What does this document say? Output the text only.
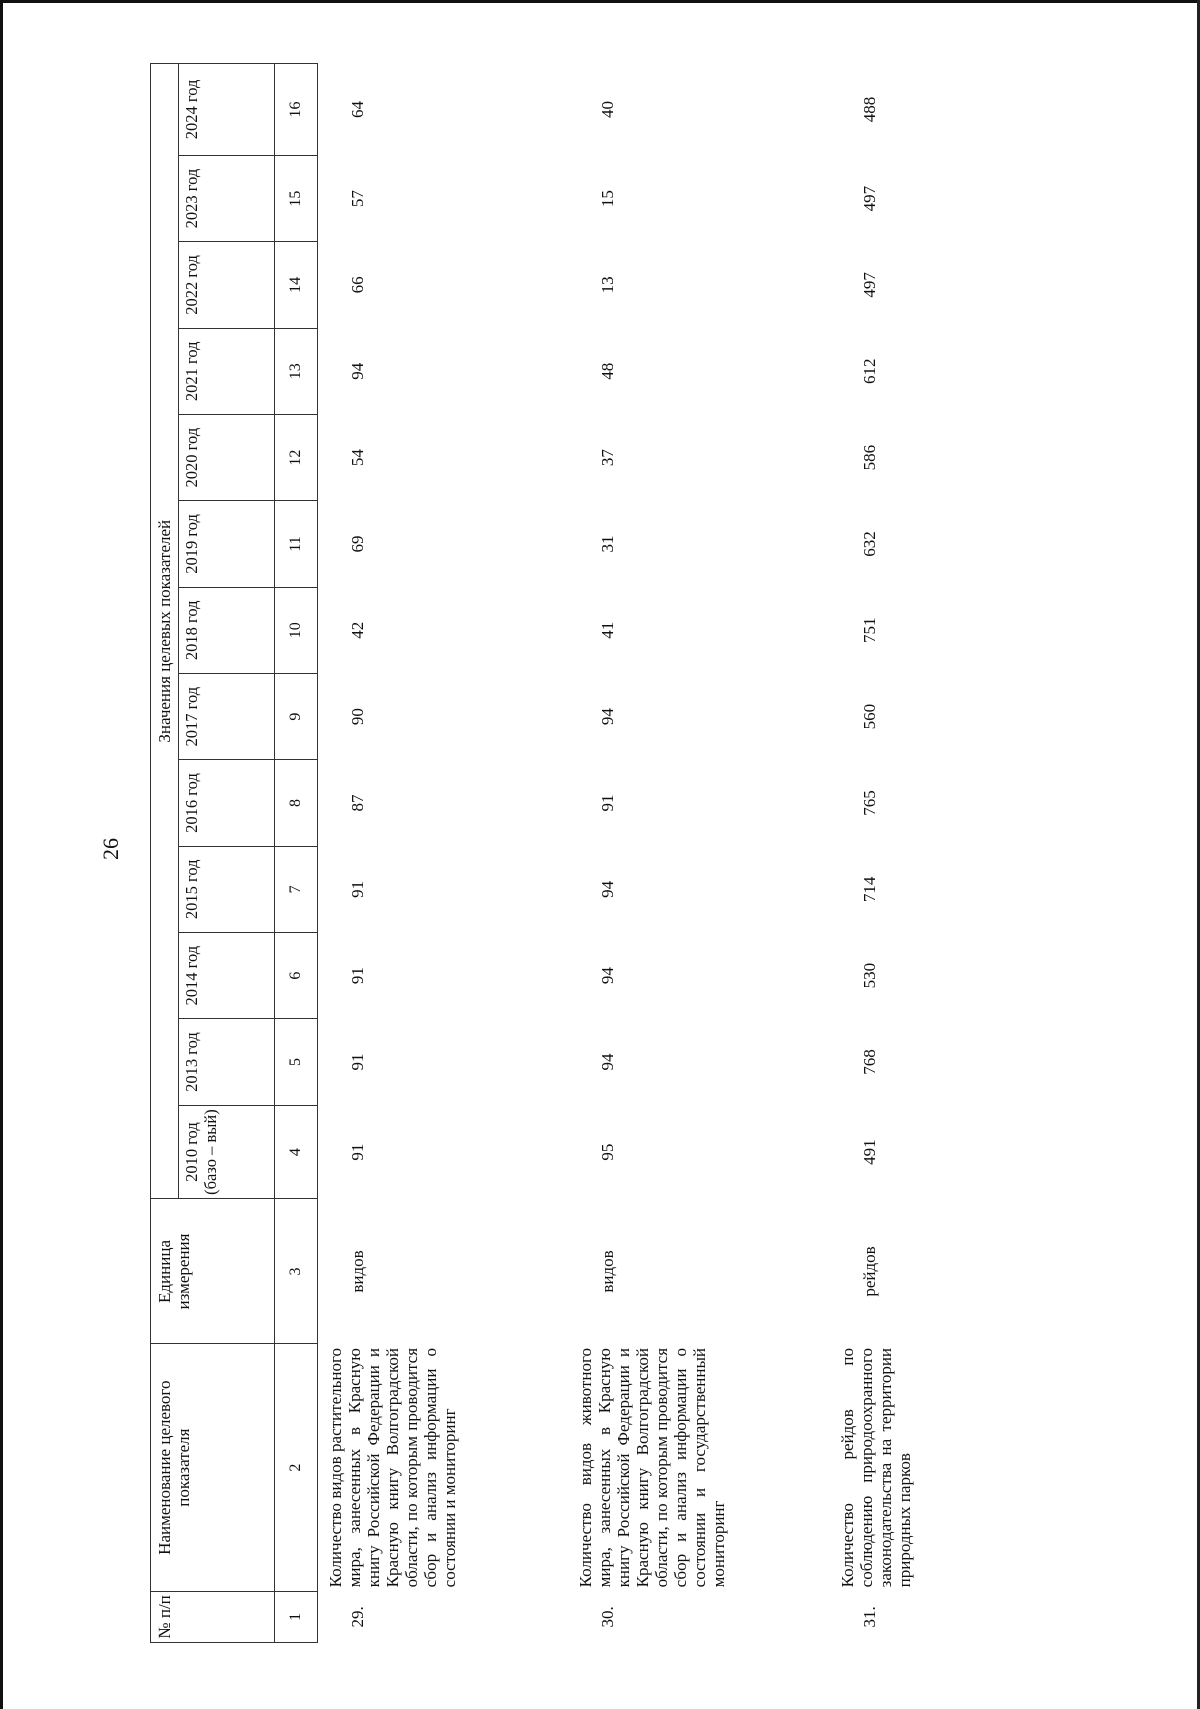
26
№ п/п	Наименование целевого показателя	Единица измерения	Значения целевых показателей												
			2010 год (базо – вый)	2013 год	2014 год	2015 год	2016 год	2017 год	2018 год	2019 год	2020 год	2021 год	2022 год	2023 год	2024 год
1	2	3	4	5	6	7	8	9	10	11	12	13	14	15	16
29.	Количество видов растительного мира, занесенных в Красную книгу Российской Федерации и Красную книгу Волгоградской области, по которым проводится сбор и анализ информации о состоянии и мониторинг	видов	91	91	91	91	87	90	42	69	54	94	66	57	64
30.	Количество видов животного мира, занесенных в Красную книгу Российской Федерации и Красную книгу Волгоградской области, по которым проводится сбор и анализ информации о состоянии и государственный мониторинг	видов	95	94	94	94	91	94	41	31	37	48	13	15	40
31.	Количество рейдов по соблюдению природоохранного законодательства на территории природных парков	рейдов	491	768	530	714	765	560	751	632	586	612	497	497	488
